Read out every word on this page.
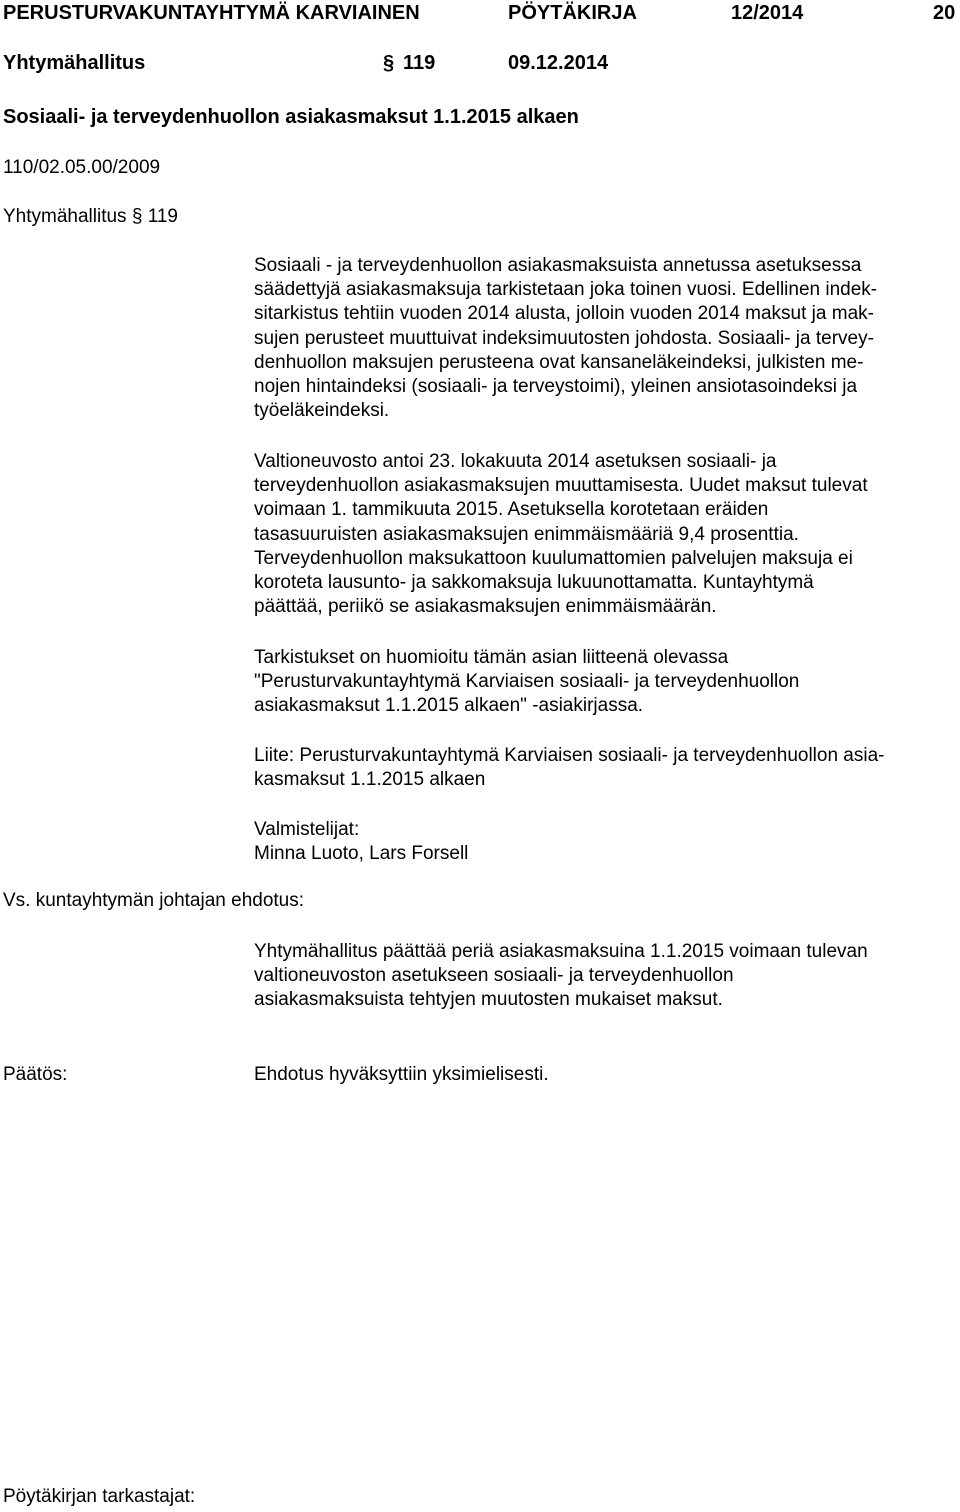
PERUSTURVAKUNTAYHTYMÄ KARVIAINEN	PÖYTÄKIRJA	12/2014	20
Yhtymähallitus	§ 119	09.12.2014
Sosiaali- ja terveydenhuollon asiakasmaksut 1.1.2015 alkaen
110/02.05.00/2009
Yhtymähallitus § 119
Sosiaali - ja terveydenhuollon asiakasmaksuista annetussa asetuksessa
säädettyjä asiakasmaksuja tarkistetaan joka toinen vuosi. Edellinen indek-
sitarkistus tehtiin vuoden 2014 alusta, jolloin vuoden 2014 maksut ja mak-
sujen perusteet muuttuivat indeksimuutosten johdosta. Sosiaali- ja tervey-
denhuollon maksujen perusteena ovat kansaneläkeindeksi, julkisten me-
nojen hintaindeksi (sosiaali- ja terveystoimi), yleinen ansiotasoindeksi ja
työeläkeindeksi.
Valtioneuvosto antoi 23. lokakuuta 2014 asetuksen sosiaali- ja
terveydenhuollon asiakasmaksujen muuttamisesta. Uudet maksut tulevat
voimaan 1. tammikuuta 2015. Asetuksella korotetaan eräiden
tasasuuruisten asiakasmaksujen enimmäismääriä 9,4 prosenttia.
Terveydenhuollon maksukattoon kuulumattomien palvelujen maksuja ei
koroteta lausunto- ja sakkomaksuja lukuunottamatta. Kuntayhtymä
päättää, periikö se asiakasmaksujen enimmäismäärän.
Tarkistukset on huomioitu tämän asian liitteenä olevassa
"Perusturvakuntayhtymä Karviaisen sosiaali- ja terveydenhuollon
asiakasmaksut 1.1.2015 alkaen" -asiakirjassa.
Liite: Perusturvakuntayhtymä Karviaisen sosiaali- ja terveydenhuollon asia-
kasmaksut 1.1.2015 alkaen
Valmistelijat:
Minna Luoto, Lars Forsell
Vs. kuntayhtymän johtajan ehdotus:
Yhtymähallitus päättää periä asiakasmaksuina 1.1.2015 voimaan tulevan
valtioneuvoston asetukseen sosiaali- ja terveydenhuollon
asiakasmaksuista tehtyjen muutosten mukaiset maksut.
Päätös:	Ehdotus hyväksyttiin yksimielisesti.
Pöytäkirjan tarkastajat:
